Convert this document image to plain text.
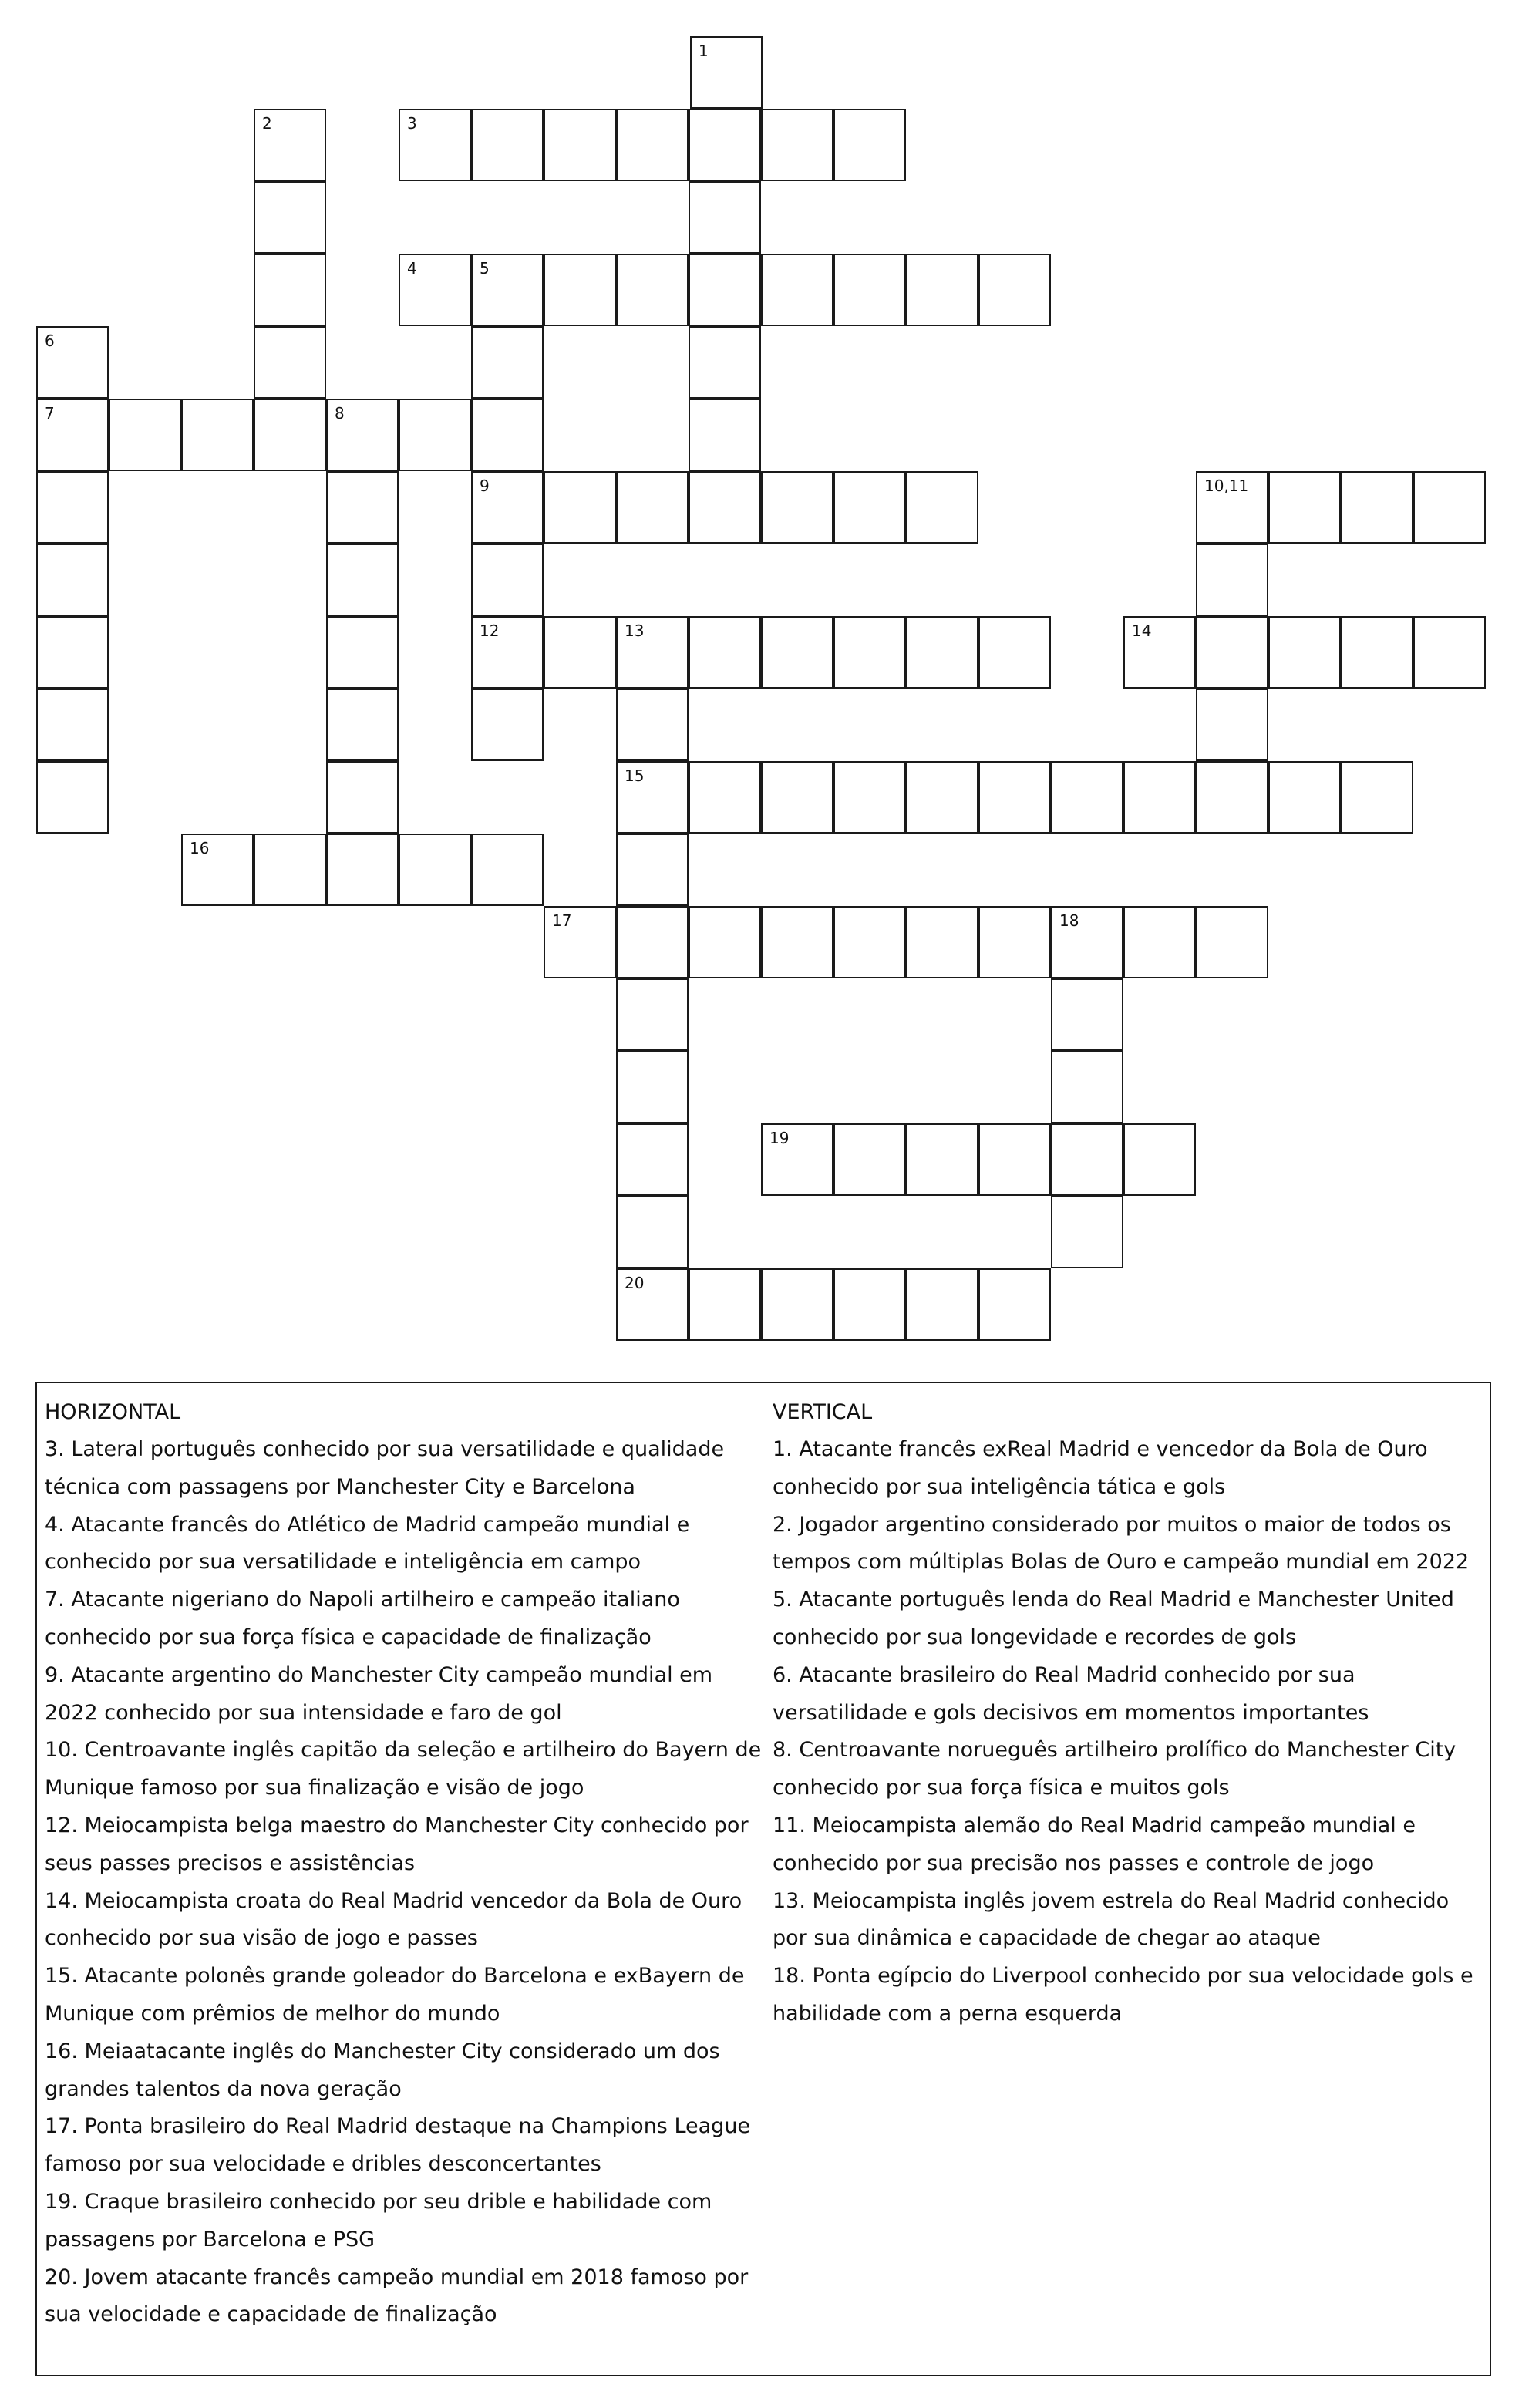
1
2	3
4	5
6
7	8
9	10,11
12	13	14
15
16
17	18
19
20
HORIZONTAL

3. Lateral português conhecido por sua versatilidade e qualidade técnica com passagens por Manchester City e Barcelona

4. Atacante francês do Atlético de Madrid campeão mundial e conhecido por sua versatilidade e inteligência em campo

7. Atacante nigeriano do Napoli artilheiro e campeão italiano conhecido por sua força física e capacidade de finalização

9. Atacante argentino do Manchester City campeão mundial em 2022 conhecido por sua intensidade e faro de gol

10. Centroavante inglês capitão da seleção e artilheiro do Bayern de Munique famoso por sua finalização e visão de jogo

12. Meiocampista belga maestro do Manchester City conhecido por seus passes precisos e assistências

14. Meiocampista croata do Real Madrid vencedor da Bola de Ouro conhecido por sua visão de jogo e passes

15. Atacante polonês grande goleador do Barcelona e exBayern de Munique com prêmios de melhor do mundo

16. Meiaatacante inglês do Manchester City considerado um dos grandes talentos da nova geração

17. Ponta brasileiro do Real Madrid destaque na Champions League famoso por sua velocidade e dribles desconcertantes

19. Craque brasileiro conhecido por seu drible e habilidade com passagens por Barcelona e PSG

20. Jovem atacante francês campeão mundial em 2018 famoso por sua velocidade e capacidade de finalização

VERTICAL

1. Atacante francês exReal Madrid e vencedor da Bola de Ouro conhecido por sua inteligência tática e gols

2. Jogador argentino considerado por muitos o maior de todos os tempos com múltiplas Bolas de Ouro e campeão mundial em 2022

5. Atacante português lenda do Real Madrid e Manchester United conhecido por sua longevidade e recordes de gols

6. Atacante brasileiro do Real Madrid conhecido por sua versatilidade e gols decisivos em momentos importantes

8. Centroavante norueguês artilheiro prolífico do Manchester City conhecido por sua força física e muitos gols

11. Meiocampista alemão do Real Madrid campeão mundial e conhecido por sua precisão nos passes e controle de jogo

13. Meiocampista inglês jovem estrela do Real Madrid conhecido por sua dinâmica e capacidade de chegar ao ataque

18. Ponta egípcio do Liverpool conhecido por sua velocidade gols e habilidade com a perna esquerda
